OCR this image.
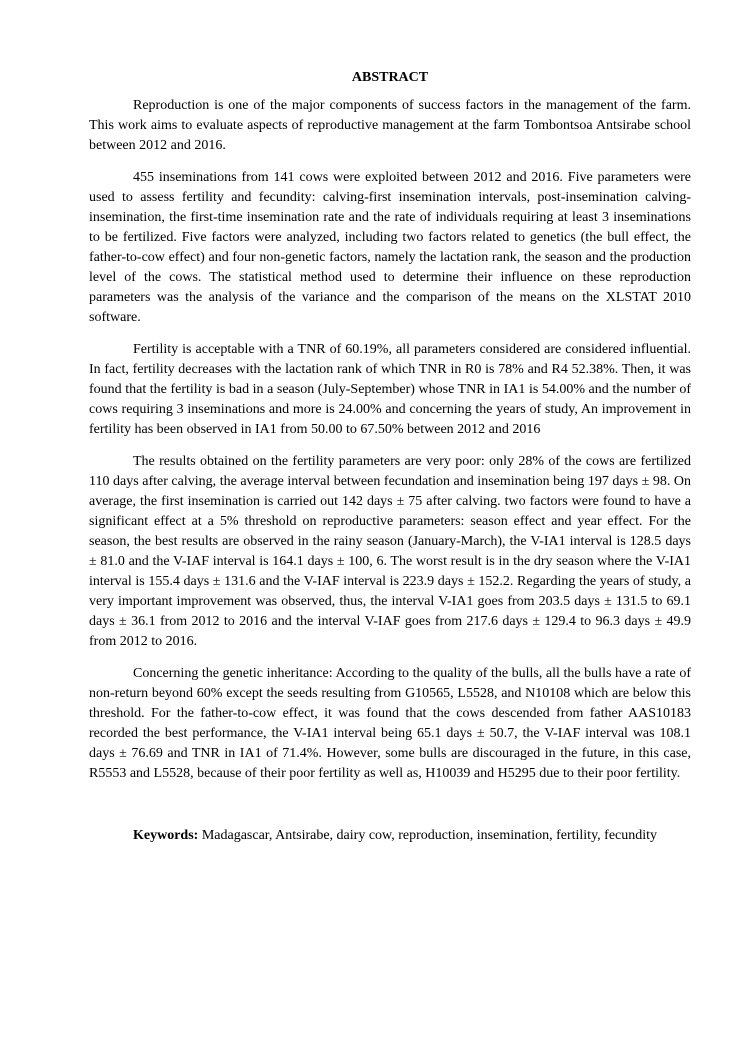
ABSTRACT

Reproduction is one of the major components of success factors in the management of the farm. This work aims to evaluate aspects of reproductive management at the farm Tombontsoa Antsirabe school between 2012 and 2016.

455 inseminations from 141 cows were exploited between 2012 and 2016. Five parameters were used to assess fertility and fecundity: calving-first insemination intervals, post-insemination calving-insemination, the first-time insemination rate and the rate of individuals requiring at least 3 inseminations to be fertilized. Five factors were analyzed, including two factors related to genetics (the bull effect, the father-to-cow effect) and four non-genetic factors, namely the lactation rank, the season and the production level of the cows. The statistical method used to determine their influence on these reproduction parameters was the analysis of the variance and the comparison of the means on the XLSTAT 2010 software.

Fertility is acceptable with a TNR of 60.19%, all parameters considered are considered influential. In fact, fertility decreases with the lactation rank of which TNR in R0 is 78% and R4 52.38%. Then, it was found that the fertility is bad in a season (July-September) whose TNR in IA1 is 54.00% and the number of cows requiring 3 inseminations and more is 24.00% and concerning the years of study, An improvement in fertility has been observed in IA1 from 50.00 to 67.50% between 2012 and 2016

The results obtained on the fertility parameters are very poor: only 28% of the cows are fertilized 110 days after calving, the average interval between fecundation and insemination being 197 days ± 98. On average, the first insemination is carried out 142 days ± 75 after calving. two factors were found to have a significant effect at a 5% threshold on reproductive parameters: season effect and year effect. For the season, the best results are observed in the rainy season (January-March), the V-IA1 interval is 128.5 days ± 81.0 and the V-IAF interval is 164.1 days ± 100, 6. The worst result is in the dry season where the V-IA1 interval is 155.4 days ± 131.6 and the V-IAF interval is 223.9 days ± 152.2. Regarding the years of study, a very important improvement was observed, thus, the interval V-IA1 goes from 203.5 days ± 131.5 to 69.1 days ± 36.1 from 2012 to 2016 and the interval V-IAF goes from 217.6 days ± 129.4 to 96.3 days ± 49.9 from 2012 to 2016.

Concerning the genetic inheritance: According to the quality of the bulls, all the bulls have a rate of non-return beyond 60% except the seeds resulting from G10565, L5528, and N10108 which are below this threshold. For the father-to-cow effect, it was found that the cows descended from father AAS10183 recorded the best performance, the V-IA1 interval being 65.1 days ± 50.7, the V-IAF interval was 108.1 days ± 76.69 and TNR in IA1 of 71.4%. However, some bulls are discouraged in the future, in this case, R5553 and L5528, because of their poor fertility as well as, H10039 and H5295 due to their poor fertility.

Keywords: Madagascar, Antsirabe, dairy cow, reproduction, insemination, fertility, fecundity
